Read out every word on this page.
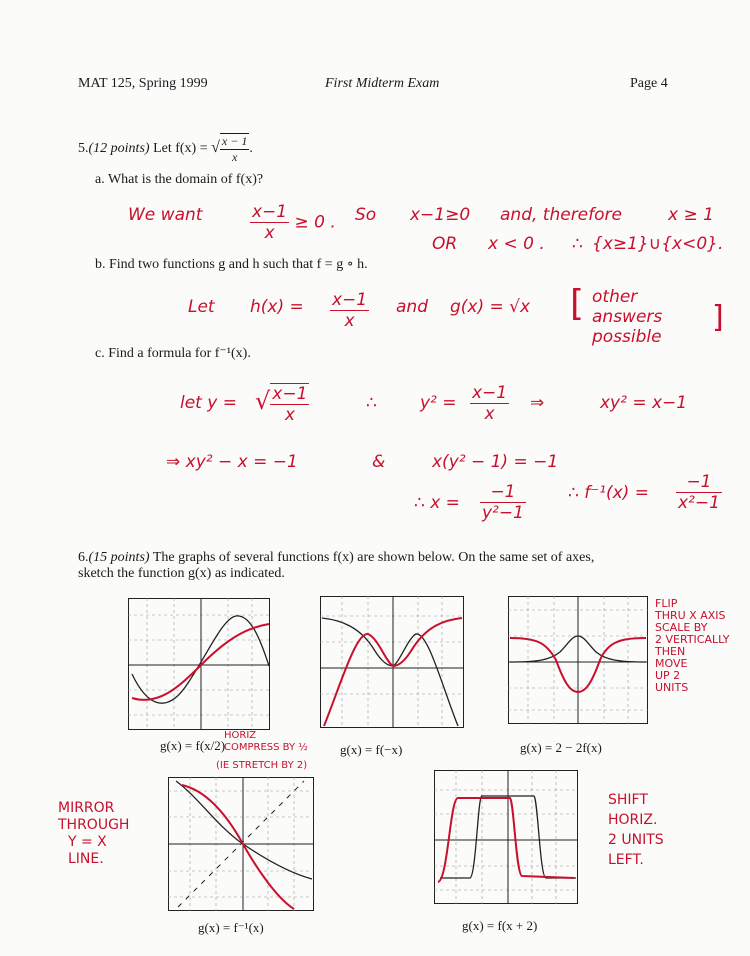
MAT 125, Spring 1999	First Midterm Exam	Page 4
5.(12 points) Let f(x) = √ $\frac{x - 1}{x}$ .
a. What is the domain of f(x)?
We want	$\frac{x-1}{x} \ge 0$ . So x−1≥0 and, therefore	x ≥ 1
OR x < 0 . ∴ {x≥1}∪{x<0}.
b. Find two functions g and h such that f = g ∘ h.
Let $h(x) = \frac{x-1}{x}$ and g(x) = √x [ other answers possible
]
c. Find a formula for f⁻¹(x).
let y = √ $\frac{x-1}{x}$	∴	$y^2 = \frac{x-1}{x}$ ⇒	xy² = x−1
⇒ xy² − x = −1	&	x(y² − 1) = −1
∴ $x = \frac{-1}{\text{y²−1}}$ ∴ $f^{-1}(x) = \frac{-1}{\text{x²−1}}$
6.(15 points) The graphs of several functions f(x) are shown below. On the same set of axes,
sketch the function g(x) as indicated.
g(x) = f(x/2)
HORIZ COMPRESS BY ½
(IE STRETCH BY 2)
g(x) = f(−x)	g(x) = 2 − 2f(x)
FLIP
THRU X AXIS
SCALE BY
2 VERTICALLY
THEN
MOVE
UP 2
UNITS
g(x) = f⁻¹(x)
MIRROR
THROUGH
Y = X
LINE.
g(x) = f(x + 2)
SHIFT
HORIZ.
2 UNITS
LEFT.
